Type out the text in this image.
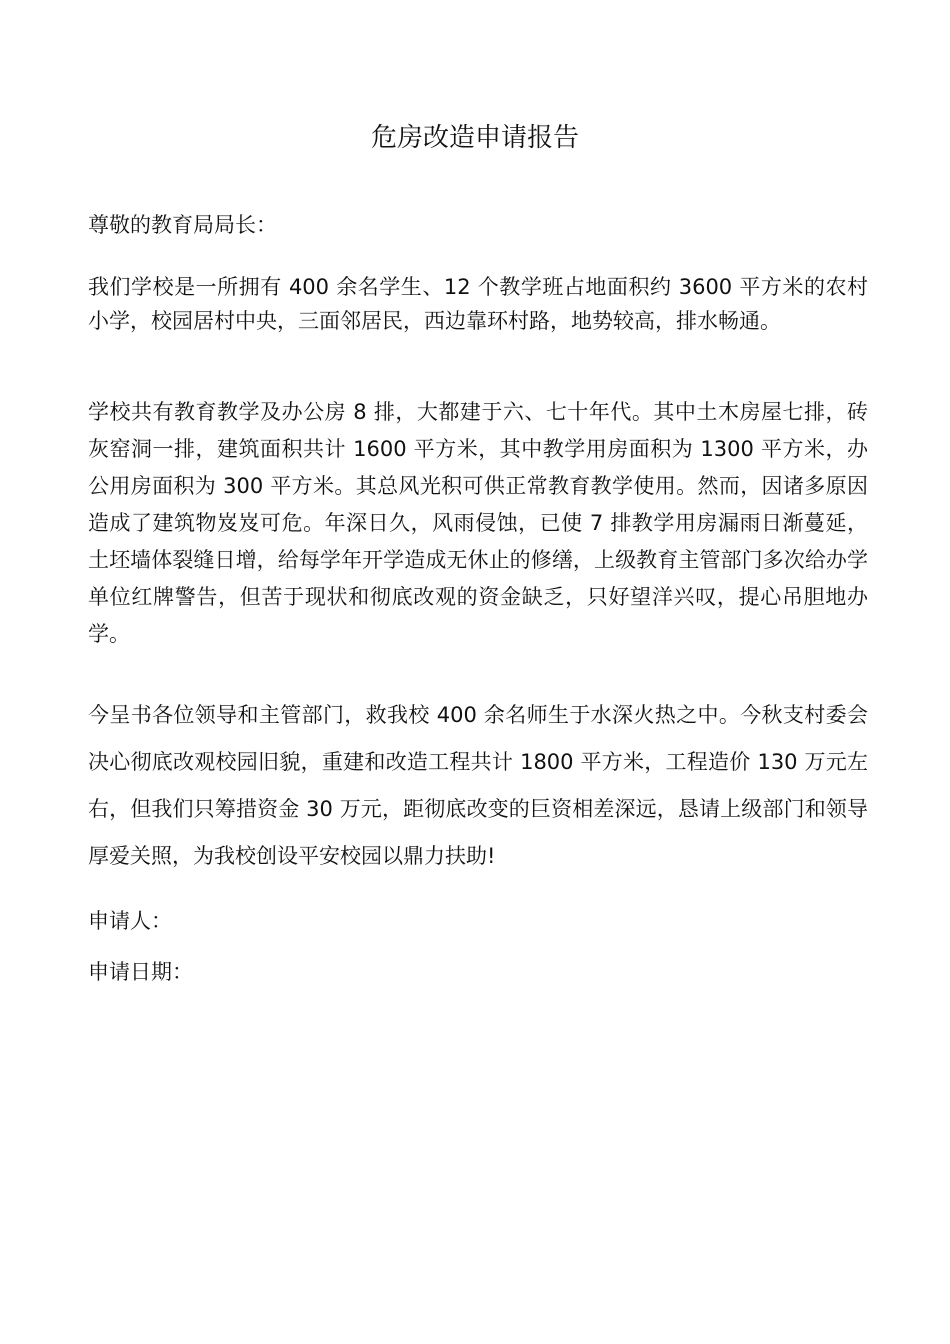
危房改造申请报告

尊敬的教育局局长：

我们学校是一所拥有 400 余名学生、12 个教学班占地面积约 3600 平方米的农村小学，校园居村中央，三面邻居民，西边靠环村路，地势较高，排水畅通。

学校共有教育教学及办公房 8 排，大都建于六、七十年代。其中土木房屋七排，砖灰窑洞一排，建筑面积共计 1600 平方米，其中教学用房面积为 1300 平方米，办公用房面积为 300 平方米。其总风光积可供正常教育教学使用。然而，因诸多原因造成了建筑物岌岌可危。年深日久，风雨侵蚀，已使 7 排教学用房漏雨日渐蔓延，土坯墙体裂缝日增，给每学年开学造成无休止的修缮，上级教育主管部门多次给办学单位红牌警告，但苦于现状和彻底改观的资金缺乏，只好望洋兴叹，提心吊胆地办学。

今呈书各位领导和主管部门，救我校 400 余名师生于水深火热之中。今秋支村委会决心彻底改观校园旧貌，重建和改造工程共计 1800 平方米，工程造价 130 万元左右，但我们只筹措资金 30 万元，距彻底改变的巨资相差深远，恳请上级部门和领导厚爱关照，为我校创设平安校园以鼎力扶助!

申请人：

申请日期：
